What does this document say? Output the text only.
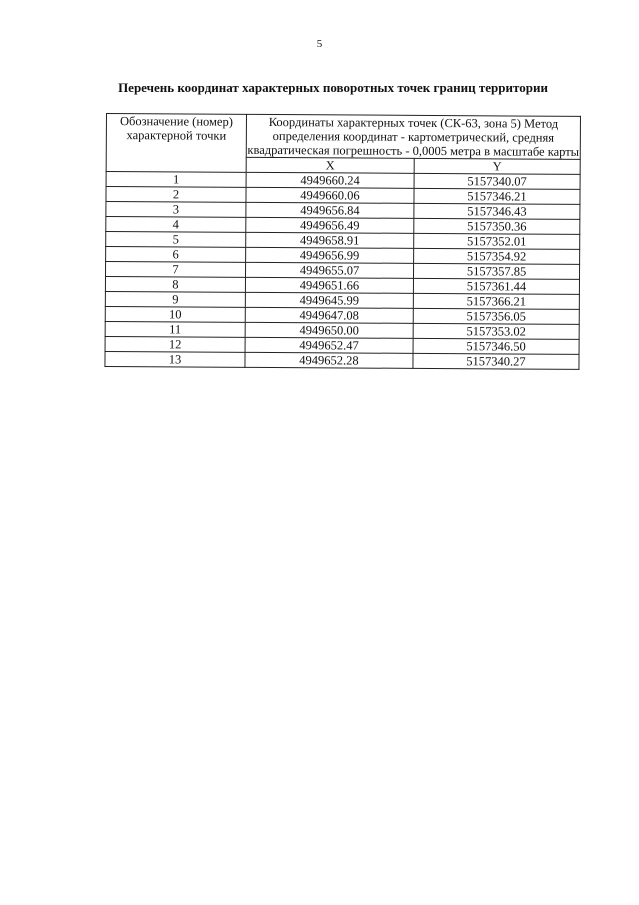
5
Перечень координат характерных поворотных точек границ территории
Обозначение (номер) характерной точки	Координаты характерных точек (СК-63, зона 5) Метод определения координат - картометрический, средняя квадратическая погрешность - 0,0005 метра в масштабе карты	
	X	Y
1	4949660.24	5157340.07
2	4949660.06	5157346.21
3	4949656.84	5157346.43
4	4949656.49	5157350.36
5	4949658.91	5157352.01
6	4949656.99	5157354.92
7	4949655.07	5157357.85
8	4949651.66	5157361.44
9	4949645.99	5157366.21
10	4949647.08	5157356.05
11	4949650.00	5157353.02
12	4949652.47	5157346.50
13	4949652.28	5157340.27
